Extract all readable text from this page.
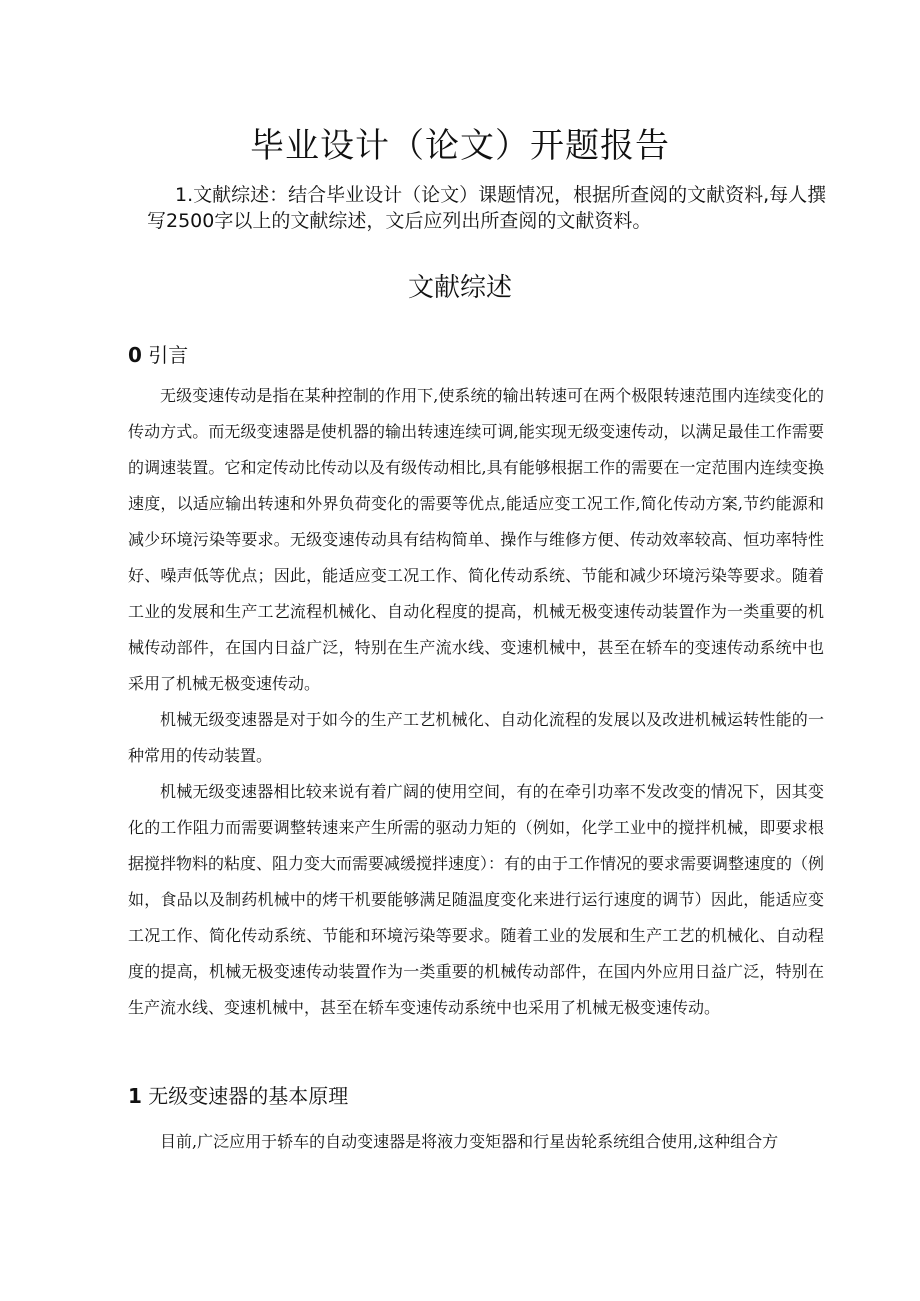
毕业设计（论文）开题报告
1.文献综述：结合毕业设计（论文）课题情况，根据所查阅的文献资料,每人撰写2500字以上的文献综述，文后应列出所查阅的文献资料。
文献综述
0 引言

无级变速传动是指在某种控制的作用下,使系统的输出转速可在两个极限转速范围内连续变化的传动方式。而无级变速器是使机器的输出转速连续可调,能实现无级变速传动，以满足最佳工作需要的调速装置。它和定传动比传动以及有级传动相比,具有能够根据工作的需要在一定范围内连续变换速度，以适应输出转速和外界负荷变化的需要等优点,能适应变工况工作,简化传动方案,节约能源和减少环境污染等要求。无级变速传动具有结构简单、操作与维修方便、传动效率较高、恒功率特性好、噪声低等优点；因此，能适应变工况工作、简化传动系统、节能和减少环境污染等要求。随着工业的发展和生产工艺流程机械化、自动化程度的提高，机械无极变速传动装置作为一类重要的机械传动部件，在国内日益广泛，特别在生产流水线、变速机械中，甚至在轿车的变速传动系统中也采用了机械无极变速传动。

机械无级变速器是对于如今的生产工艺机械化、自动化流程的发展以及改进机械运转性能的一种常用的传动装置。

机械无级变速器相比较来说有着广阔的使用空间，有的在牵引功率不发改变的情况下，因其变化的工作阻力而需要调整转速来产生所需的驱动力矩的（例如，化学工业中的搅拌机械，即要求根据搅拌物料的粘度、阻力变大而需要减缓搅拌速度）：有的由于工作情况的要求需要调整速度的（例如，食品以及制药机械中的烤干机要能够满足随温度变化来进行运行速度的调节）因此，能适应变工况工作、简化传动系统、节能和环境污染等要求。随着工业的发展和生产工艺的机械化、自动程度的提高，机械无极变速传动装置作为一类重要的机械传动部件，在国内外应用日益广泛，特别在生产流水线、变速机械中，甚至在轿车变速传动系统中也采用了机械无极变速传动。

1 无级变速器的基本原理

目前,广泛应用于轿车的自动变速器是将液力变矩器和行星齿轮系统组合使用,这种组合方
